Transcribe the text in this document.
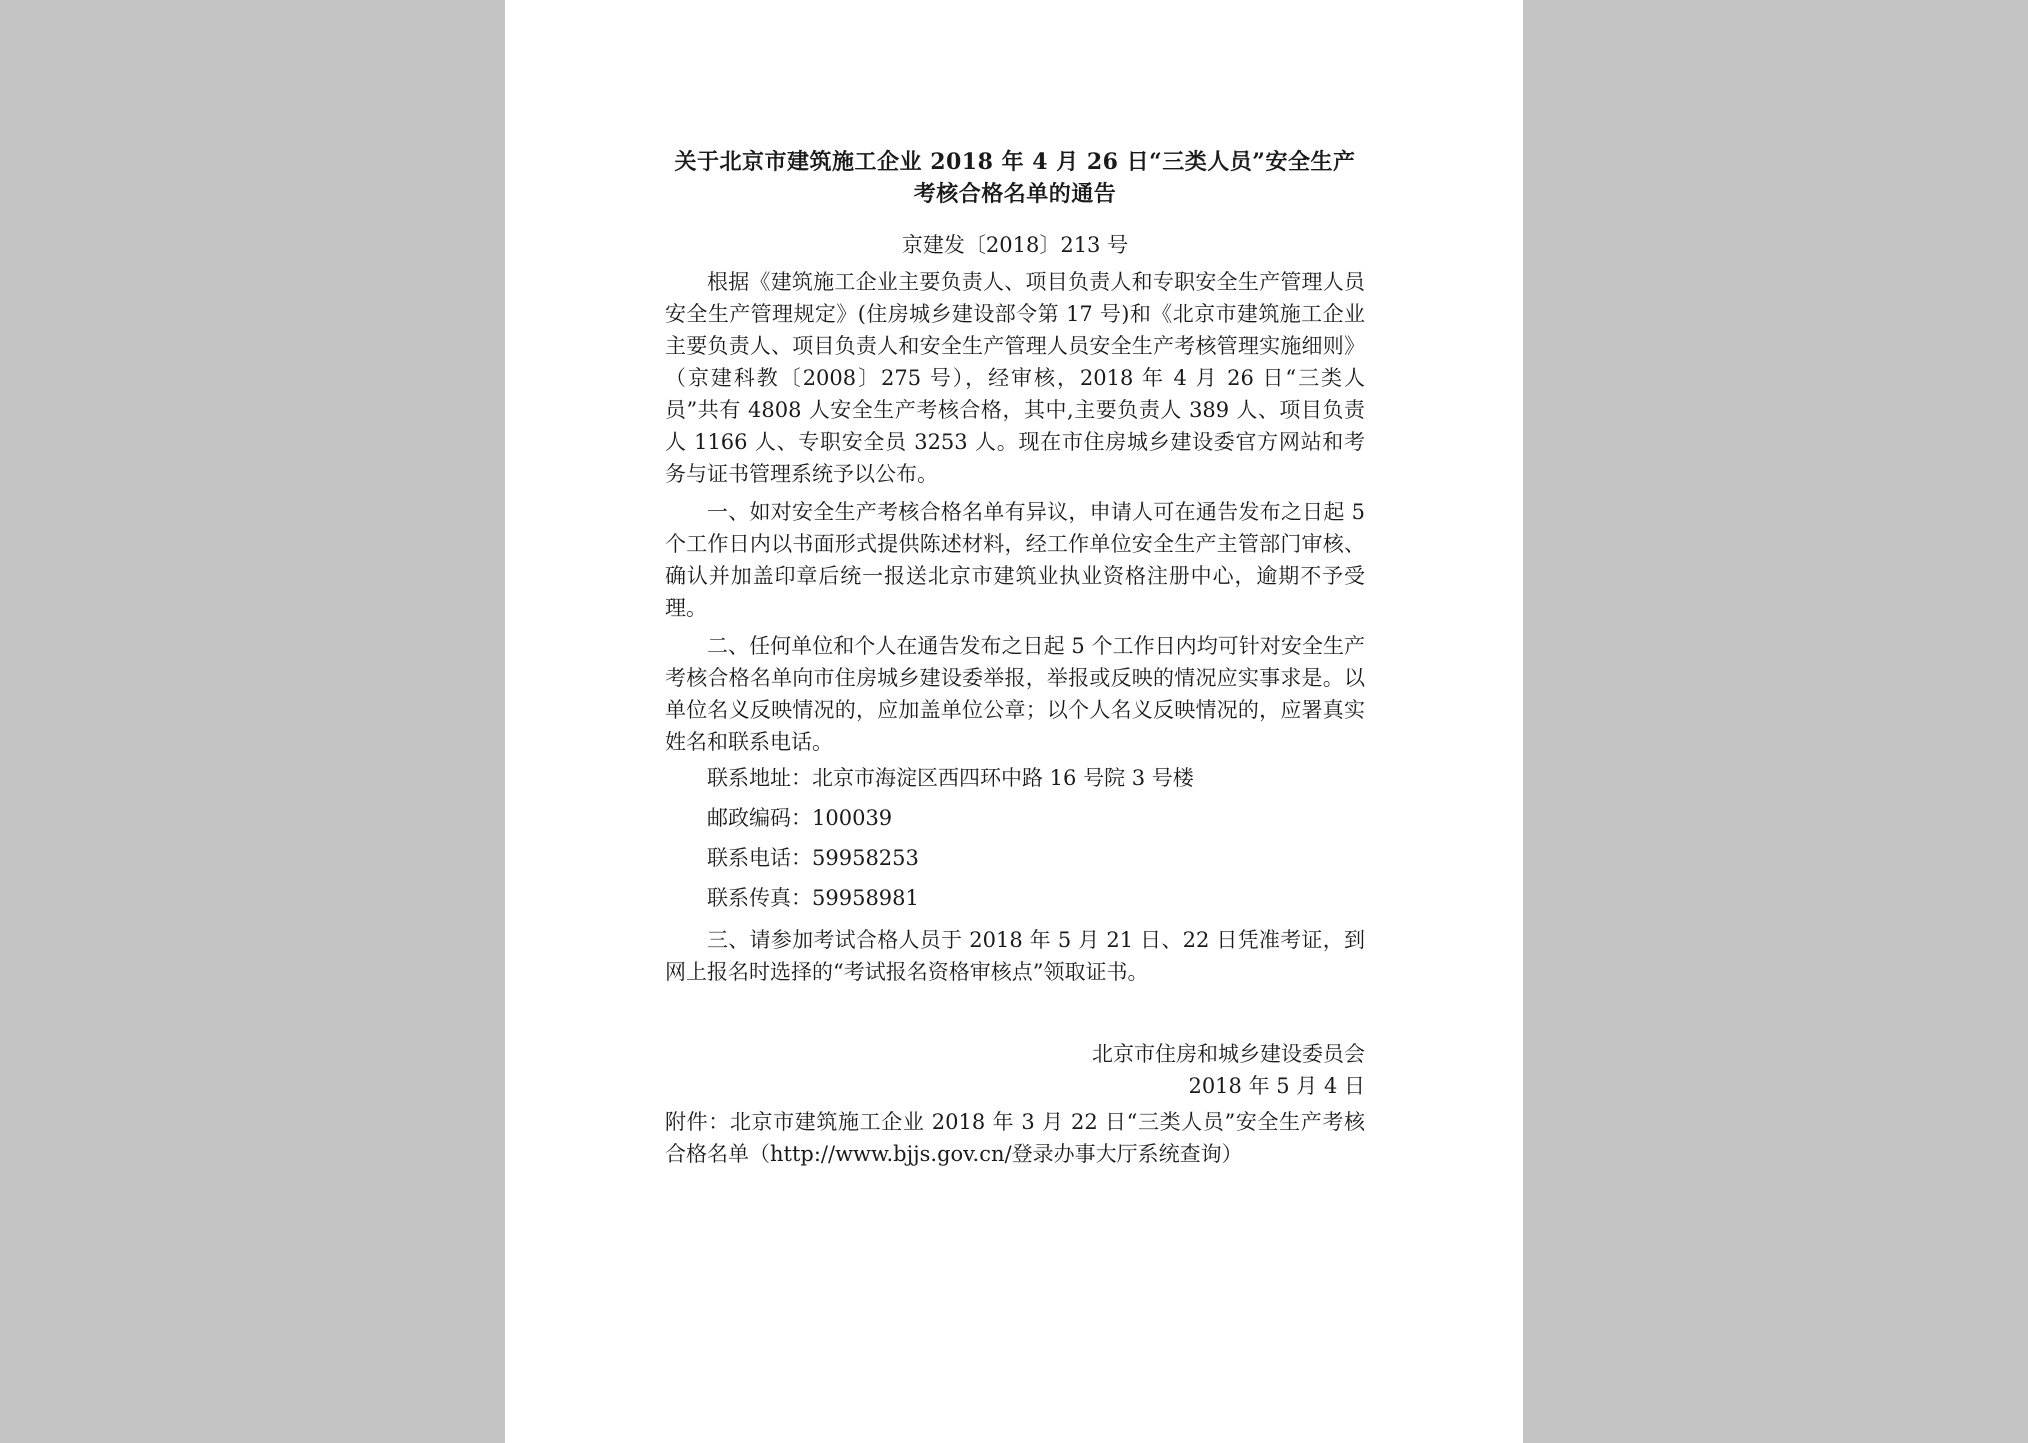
关于北京市建筑施工企业 2018 年 4 月 26 日“三类人员”安全生产
考核合格名单的通告
京建发〔2018〕213 号

根据《建筑施工企业主要负责人、项目负责人和专职安全生产管理人员安全生产管理规定》(住房城乡建设部令第 17 号)和《北京市建筑施工企业主要负责人、项目负责人和安全生产管理人员安全生产考核管理实施细则》（京建科教〔2008〕275 号），经审核，2018 年 4 月 26 日“三类人员”共有 4808 人安全生产考核合格，其中,主要负责人 389 人、项目负责人 1166 人、专职安全员 3253 人。现在市住房城乡建设委官方网站和考务与证书管理系统予以公布。

一、如对安全生产考核合格名单有异议，申请人可在通告发布之日起 5 个工作日内以书面形式提供陈述材料，经工作单位安全生产主管部门审核、确认并加盖印章后统一报送北京市建筑业执业资格注册中心，逾期不予受理。

二、任何单位和个人在通告发布之日起 5 个工作日内均可针对安全生产考核合格名单向市住房城乡建设委举报，举报或反映的情况应实事求是。以单位名义反映情况的，应加盖单位公章；以个人名义反映情况的，应署真实姓名和联系电话。

联系地址：北京市海淀区西四环中路 16 号院 3 号楼
邮政编码：100039
联系电话：59958253
联系传真：59958981

三、请参加考试合格人员于 2018 年 5 月 21 日、22 日凭准考证，到网上报名时选择的“考试报名资格审核点”领取证书。

北京市住房和城乡建设委员会
2018 年 5 月 4 日
附件：北京市建筑施工企业 2018 年 3 月 22 日“三类人员”安全生产考核合格名单（http://www.bjjs.gov.cn/登录办事大厅系统查询）
